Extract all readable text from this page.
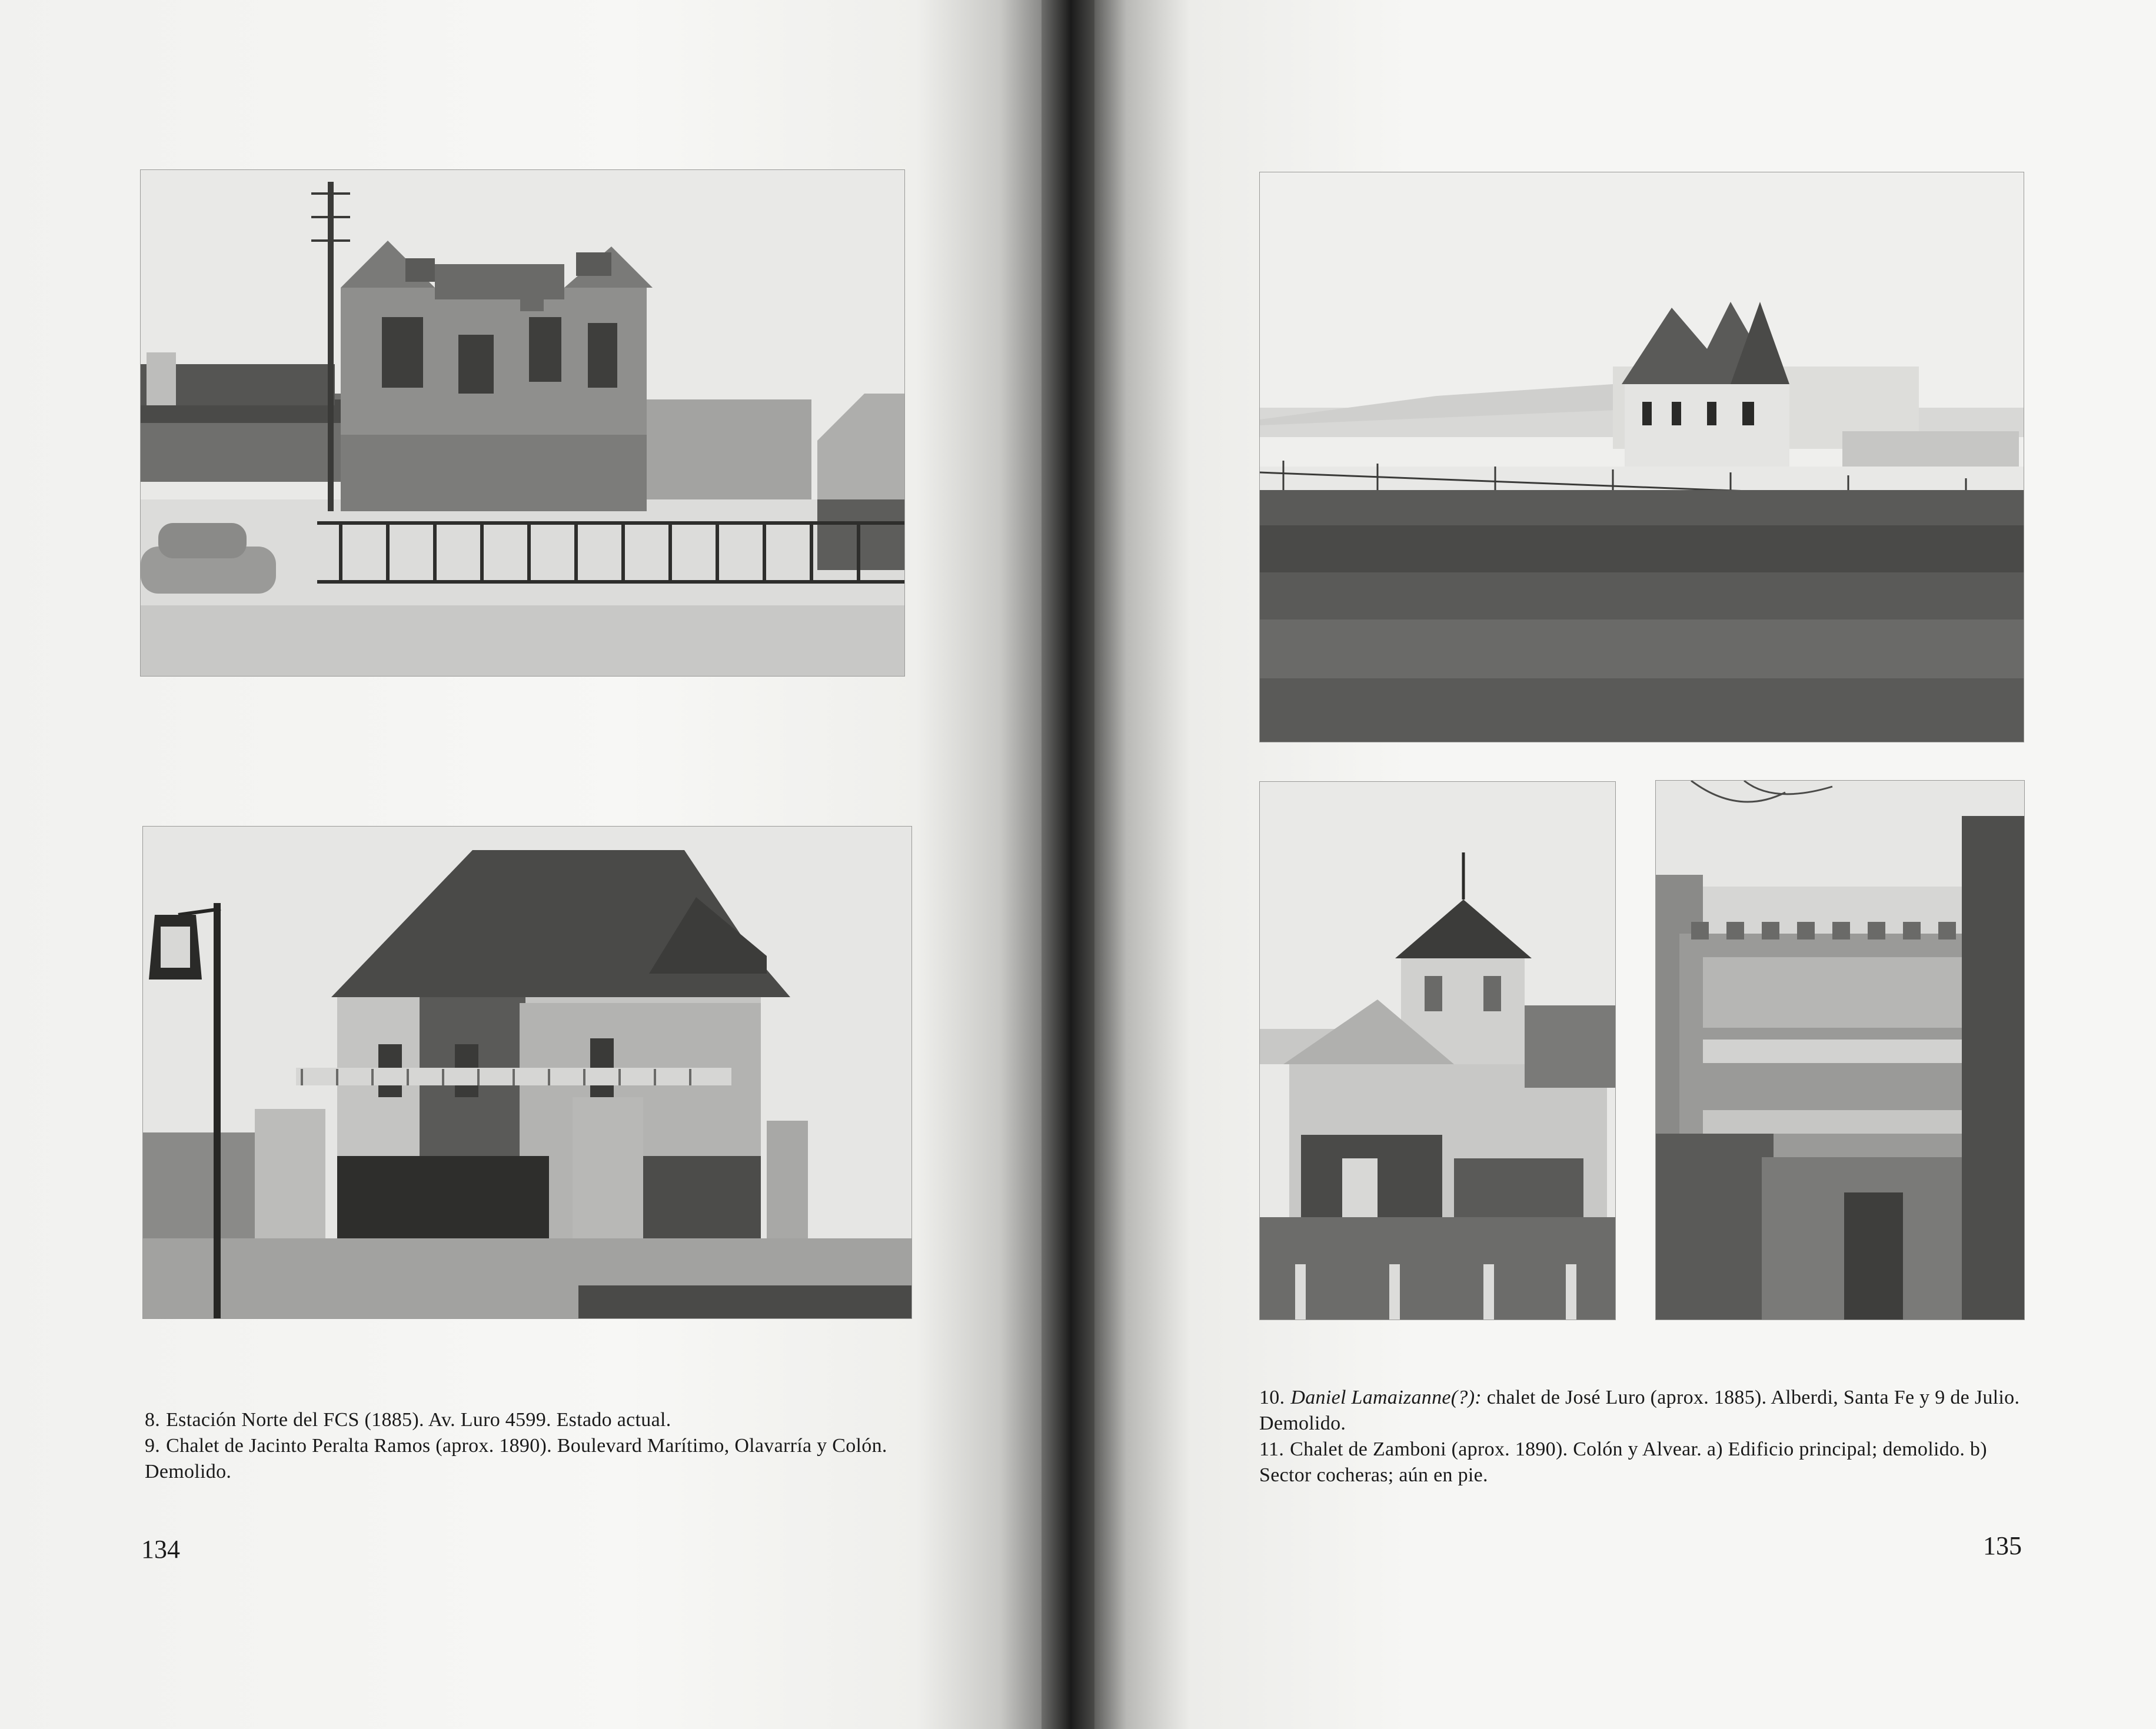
8. Estación Norte del FCS (1885). Av. Luro 4599. Estado actual.

9. Chalet de Jacinto Peralta Ramos (aprox. 1890). Boulevard Marítimo, Olavarría y Colón. Demolido.

134

10. Daniel Lamaizanne(?): chalet de José Luro (aprox. 1885). Alberdi, Santa Fe y 9 de Julio. Demolido.

11. Chalet de Zamboni (aprox. 1890). Colón y Alvear. a) Edificio principal; demolido. b) Sector cocheras; aún en pie.

135
